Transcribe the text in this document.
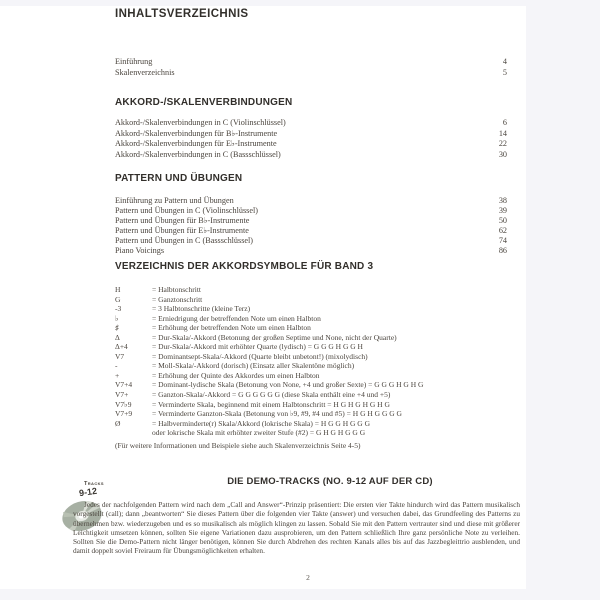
INHALTSVERZEICHNIS
Einführung	4
Skalenverzeichnis	5
AKKORD-/SKALENVERBINDUNGEN
Akkord-/Skalenverbindungen in C (Violinschlüssel)	6
Akkord-/Skalenverbindungen für B♭-Instrumente	14
Akkord-/Skalenverbindungen für E♭-Instrumente	22
Akkord-/Skalenverbindungen in C (Bassschlüssel)	30
PATTERN UND ÜBUNGEN
Einführung zu Pattern und Übungen	38
Pattern und Übungen in C (Violinschlüssel)	39
Pattern und Übungen für B♭-Instrumente	50
Pattern und Übungen für E♭-Instrumente	62
Pattern und Übungen in C (Bassschlüssel)	74
Piano Voicings	86
VERZEICHNIS DER AKKORDSYMBOLE FÜR BAND 3
H	= Halbtonschritt
G	= Ganztonschritt
-3	= 3 Halbtonschritte (kleine Terz)
♭	= Erniedrigung der betreffenden Note um einen Halbton
♯	= Erhöhung der betreffenden Note um einen Halbton
Δ	= Dur-Skala/-Akkord (Betonung der großen Septime und None, nicht der Quarte)
Δ+4	= Dur-Skala/-Akkord mit erhöhter Quarte (lydisch) = G G G H G G H
V7	= Dominantsept-Skala/-Akkord (Quarte bleibt unbetont!) (mixolydisch)
-	= Moll-Skala/-Akkord (dorisch) (Einsatz aller Skalentöne möglich)
+	= Erhöhung der Quinte des Akkordes um einen Halbton
V7+4	= Dominant-lydische Skala (Betonung von None, +4 und großer Sexte) = G G G H G H G
V7+	= Ganzton-Skala/-Akkord = G G G G G G (diese Skala enthält eine +4 und +5)
V7♭9	= Verminderte Skala, beginnend mit einem Halbtonschritt = H G H G H G H G
V7+9	= Verminderte Ganzton-Skala (Betonung von ♭9, #9, #4 und #5) = H G H G G G G
Ø	= Halbverminderte(r) Skala/Akkord (lokrische Skala) = H G G H G G G
oder lokrische Skala mit erhöhter zweiter Stufe (#2) = G H G H G G G
(Für weitere Informationen und Beispiele siehe auch Skalenverzeichnis Seite 4-5)
Tracks
9-12
DIE DEMO-TRACKS (NO. 9-12 AUF DER CD)
Jedes der nachfolgenden Pattern wird nach dem „Call and Answer“-Prinzip präsentiert: Die ersten vier Takte hindurch wird das Pattern musikalisch vorgestellt (call); dann „beantworten“ Sie dieses Pattern über die folgenden vier Takte (answer) und versuchen dabei, das Grundfeeling des Patterns zu übernehmen bzw. wiederzugeben und es so musikalisch als möglich klingen zu lassen. Sobald Sie mit den Pattern vertrauter sind und diese mit größerer Leichtigkeit umsetzen können, sollten Sie eigene Variationen dazu ausprobieren, um den Pattern schließlich Ihre ganz persönliche Note zu verleihen. Sollten Sie die Demo-Pattern nicht länger benötigen, können Sie durch Abdrehen des rechten Kanals alles bis auf das Jazzbegleittrio ausblenden, und damit doppelt soviel Freiraum für Übungsmöglichkeiten erhalten.
2
